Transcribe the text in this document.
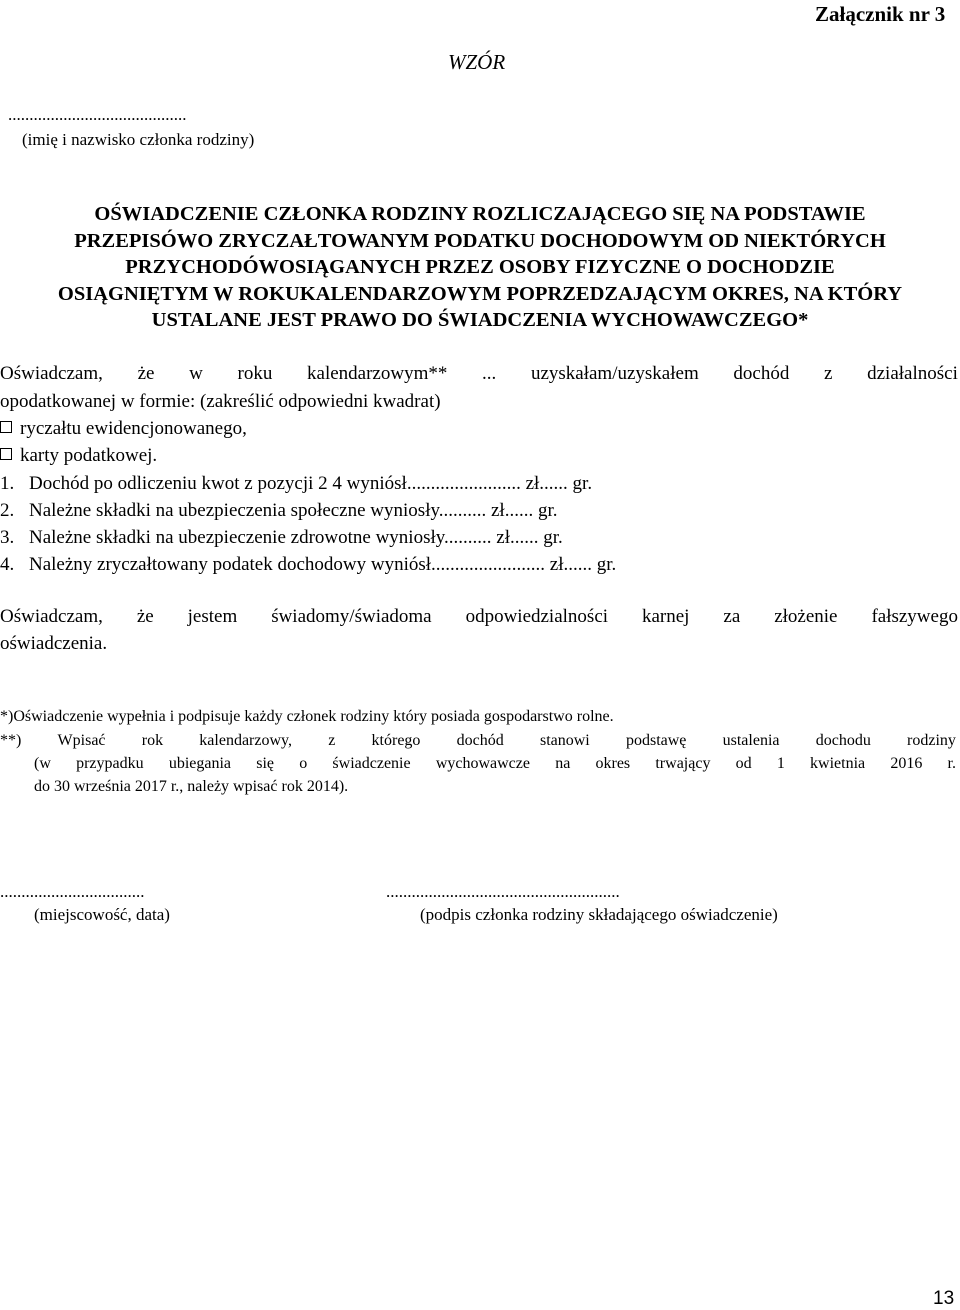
Załącznik nr 3
WZÓR
..........................................
(imię i nazwisko członka rodziny)
OŚWIADCZENIE CZŁONKA RODZINY ROZLICZAJĄCEGO SIĘ NA PODSTAWIE
PRZEPISÓWO ZRYCZAŁTOWANYM PODATKU DOCHODOWYM OD NIEKTÓRYCH
PRZYCHODÓWOSIĄGANYCH PRZEZ OSOBY FIZYCZNE O DOCHODZIE
OSIĄGNIĘTYM W ROKUKALENDARZOWYM POPRZEDZAJĄCYM OKRES, NA KTÓRY
USTALANE JEST PRAWO DO ŚWIADCZENIA WYCHOWAWCZEGO*
Oświadczam, że w roku kalendarzowym** ... uzyskałam/uzyskałem dochód z działalności
opodatkowanej w formie: (zakreślić odpowiedni kwadrat)
ryczałtu ewidencjonowanego,
karty podatkowej.
1. Dochód po odliczeniu kwot z pozycji 2 4 wyniósł........................ zł...... gr.
2. Należne składki na ubezpieczenia społeczne wyniosły.......... zł...... gr.
3. Należne składki na ubezpieczenie zdrowotne wyniosły.......... zł...... gr.
4. Należny zryczałtowany podatek dochodowy wyniósł........................ zł...... gr.
Oświadczam, że jestem świadomy/świadoma odpowiedzialności karnej za złożenie fałszywego
oświadczenia.
*)Oświadczenie wypełnia i podpisuje każdy członek rodziny który posiada gospodarstwo rolne.
**) Wpisać rok kalendarzowy, z którego dochód stanowi podstawę ustalenia dochodu rodziny
(w przypadku ubiegania się o świadczenie wychowawcze na okres trwający od 1 kwietnia 2016 r.
do 30 września 2017 r., należy wpisać rok 2014).
..................................
(miejscowość, data)
.......................................................
(podpis członka rodziny składającego oświadczenie)
13
